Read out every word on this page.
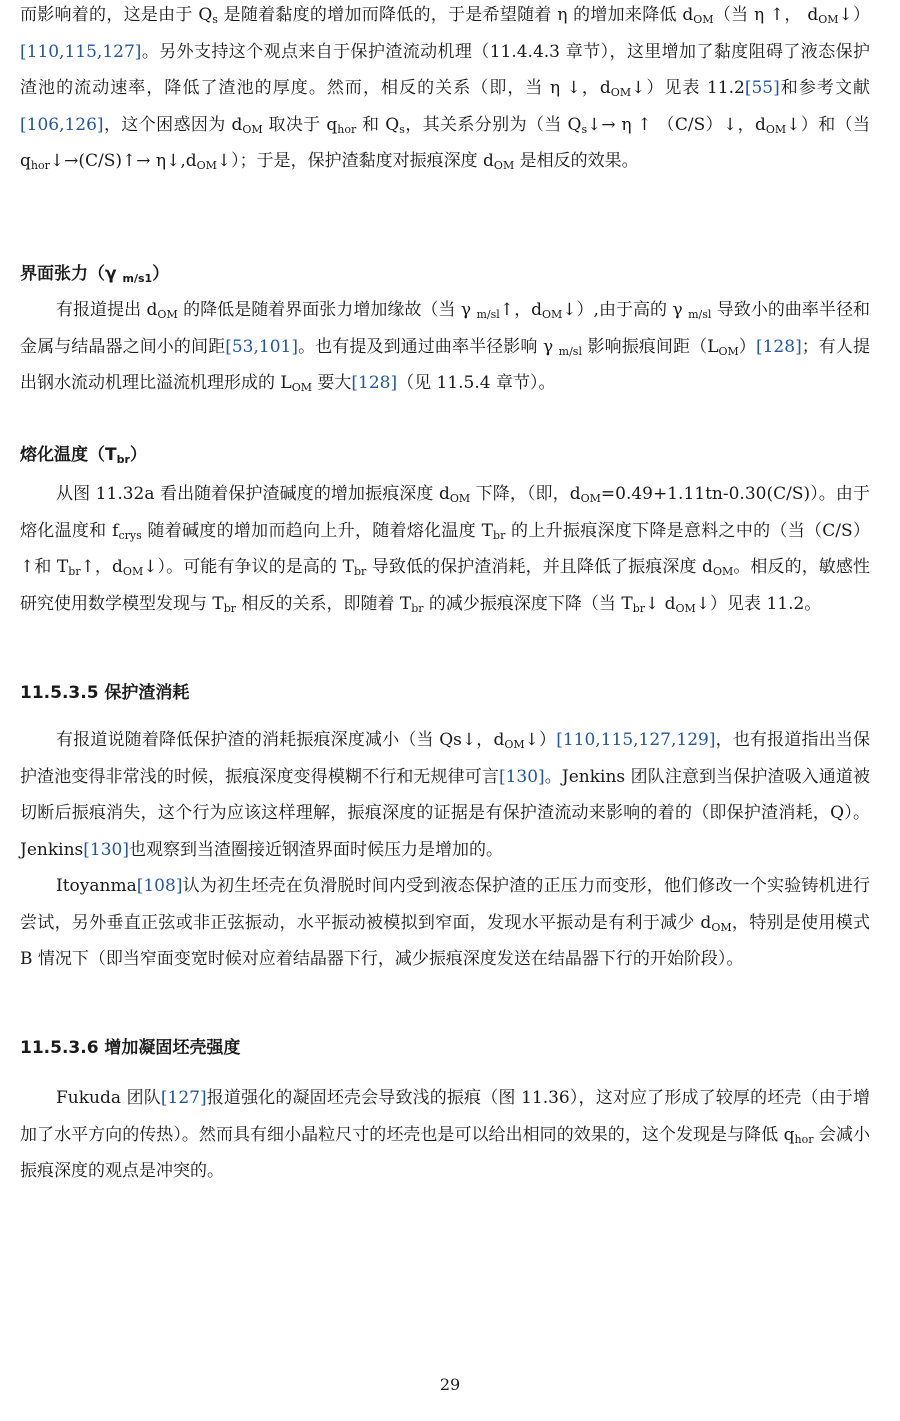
而影响着的，这是由于 $Q_s$ 是随着黏度的增加而降低的，于是希望随着 η 的增加来降低 $d_{OM}$（当 η ↑， $d_{OM}↓)[110,115,127]$。另外支持这个观点来自于保护渣流动机理（11.4.4.3 章节），这里增加了黏度阻碍了液态保护渣池的流动速率，降低了渣池的厚度。然而，相反的关系（即，当 η ↓，$d_{OM}↓$）见表 11.2[55]和参考文献[106,126]，这个困惑因为 $d_{OM}$ 取决于 $q_{hor}$ 和 $Q_s$，其关系分别为（当 $Q_s↓\to \eta$ ↑ （C/S）↓，$d_{OM}↓$）和（当 $q_{hor}↓\to(C/S)↑\to$ $\eta↓,d_{OM}↓$）；于是，保护渣黏度对振痕深度 $d_{OM}$ 是相反的效果。

界面张力（γ $_{m/s1}$）

有报道提出 $d_{OM}$ 的降低是随着界面张力增加缘故（当 γ $_{m/sl}$↑，$d_{OM}↓$）,由于高的 γ $_{m/sl}$ 导致小的曲率半径和金属与结晶器之间小的间距[53,101]。也有提及到通过曲率半径影响 γ $_{m/sl}$ 影响振痕间距$(L_{OM})[128]$；有人提出钢水流动机理比溢流机理形成的 $L_{OM}$ 要大[128]（见 11.5.4 章节）。

熔化温度$(T_{br})$

从图 11.32a 看出随着保护渣碱度的增加振痕深度 $d_{OM}$ 下降，（即，$d_{OM}=0.49+1.11tn-0.30(C/S)$）。由于熔化温度和 $f_{crys}$ 随着碱度的增加而趋向上升，随着熔化温度 $T_{br}$ 的上升振痕深度下降是意料之中的（当（C/S）↑和 $T_{br}↑$，$d_{OM}↓$）。可能有争议的是高的 $T_{br}$ 导致低的保护渣消耗，并且降低了振痕深度 $d_{OM}$。相反的，敏感性研究使用数学模型发现与 $T_{br}$ 相反的关系，即随着 $T_{br}$ 的减少振痕深度下降（当 $T_{br}↓$ $d_{OM}↓$）见表 11.2。

11.5.3.5 保护渣消耗

有报道说随着降低保护渣的消耗振痕深度减小（当 Qs↓，$d_{OM}↓)[110,115,127,129]$，也有报道指出当保护渣池变得非常浅的时候，振痕深度变得模糊不行和无规律可言[130]。Jenkins 团队注意到当保护渣吸入通道被切断后振痕消失，这个行为应该这样理解，振痕深度的证据是有保护渣流动来影响的着的（即保护渣消耗，Q）。Jenkins[130]也观察到当渣圈接近钢渣界面时候压力是增加的。

Itoyanma[108]认为初生坯壳在负滑脱时间内受到液态保护渣的正压力而变形，他们修改一个实验铸机进行尝试，另外垂直正弦或非正弦振动，水平振动被模拟到窄面，发现水平振动是有利于减少 $d_{OM}$，特别是使用模式 B 情况下（即当窄面变宽时候对应着结晶器下行，减少振痕深度发送在结晶器下行的开始阶段）。

11.5.3.6 增加凝固坯壳强度

Fukuda 团队[127]报道强化的凝固坯壳会导致浅的振痕（图 11.36），这对应了形成了较厚的坯壳（由于增加了水平方向的传热）。然而具有细小晶粒尺寸的坯壳也是可以给出相同的效果的，这个发现是与降低 $q_{hor}$ 会减小振痕深度的观点是冲突的。

29
